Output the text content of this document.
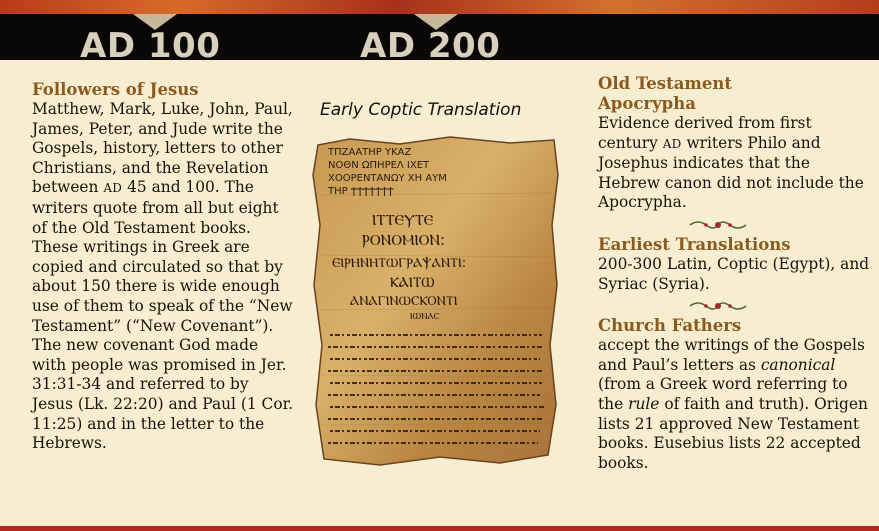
AD 100	AD 200
Followers of Jesus
Matthew, Mark, Luke, John, Paul, James, Peter, and Jude write the Gospels, history, letters to other Christians, and the Revelation between AD 45 and 100. The writers quote from all but eight of the Old Testament books. These writings in Greek are copied and circulated so that by about 150 there is wide enough use of them to speak of the “New Testament” (“New Covenant”). The new covenant God made with people was promised in Jer. 31:31-34 and referred to by Jesus (Lk. 22:20) and Paul (1 Cor. 11:25) and in the letter to the Hebrews.
Early Coptic Translation
ΤΠΖΑΑΤΗΡ ΥΚΑΖ
ΝΟΘΝ ΩΠΗΡΕΛ ΙΧΕΤ
ΧΟΟΡΕΝΤΑΝΩΥ ΧΗ ΑΥΜ
ΤΗΡ ϮϮϮϮϮϮϮ
ⲒⲦⲦⲈⲨⲦⲈ
ⲢⲞⲚⲞⲘⲒⲞⲚ:
ⲈⲒⲢⲎⲚⲎⲦⲰⲄⲢⲀⲮⲀⲚⲦⲒ:
ⲔⲀⲒⲦⲰ
ⲀⲚⲀⲄⲒⲚⲰⲤⲔⲞⲚⲦⲒ
ⲒⲰⲚⲀⲤ
Old Testament Apocrypha
Evidence derived from first century AD writers Philo and Josephus indicates that the Hebrew canon did not include the Apocrypha.
Earliest Translations
200-300 Latin, Coptic (Egypt), and Syriac (Syria).
Church Fathers
accept the writings of the Gospels and Paul’s letters as canonical (from a Greek word referring to the rule of faith and truth). Origen lists 21 approved New Testament books. Eusebius lists 22 accepted books.
